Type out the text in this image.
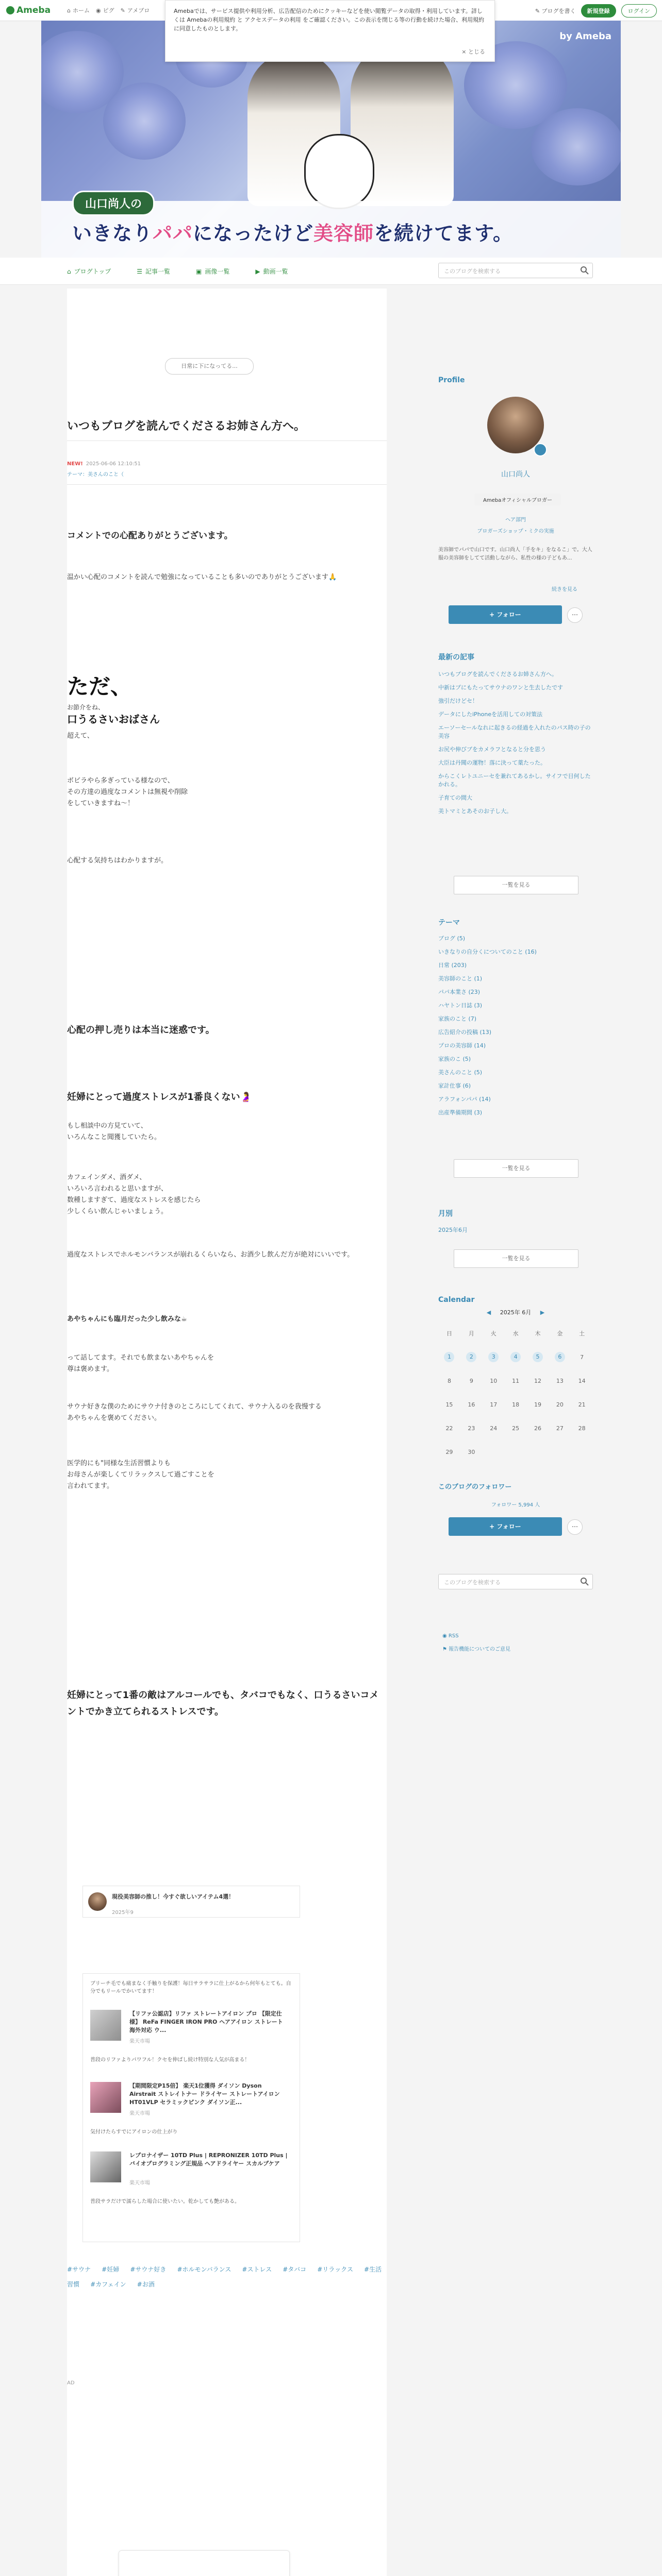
Ameba	⌂ ホーム ◉ ピグ ✎ アメブロ	✎ ブログを書く	新規登録	ログイン
Amebaでは、サービス提供や利用分析、広告配信のためにクッキーなどを使い閲覧データの取得・利用しています。詳しくは Amebaの利用規約 と アクセスデータの利用 をご確認ください。この表示を閉じる等の行動を続けた場合、利用規約に同意したものとします。
× とじる
by Ameba
山口尚人の
いきなりパパになったけど美容師を続けてます。
⌂ ブログトップ	☰ 記事一覧	▣ 画像一覧	▶ 動画一覧	このブログを検索する
日常に下になってる...
いつもブログを読んでくださるお姉さん方へ。
NEW! 2025-06-06 12:10:51
テーマ：美さんのこと（
コメントでの心配ありがとうございます。
温かい心配のコメントを読んで勉強になっていることも多いのでありがとうございます🙏
ただ、
お節介をね、
口うるさいおばさん
超えて、
ボビラやら多ぎっている様なので、
その方達の過度なコメントは無視や削除
をしていきますね〜！
心配する気持ちはわかりますが。
心配の押し売りは本当に迷惑です。
妊婦にとって過度ストレスが1番良くない🤰
もし相談中の方見ていて、
いろんなこと聞獲していたら。
カフェインダメ、酒ダメ、
いろいろ言われると思いますが、
数種しますぎて、過度なストレスを感じたら
少しくらい飲んじゃいましょう。
過度なストレスでホルモンバランスが崩れるくらいなら、お酒少し飲んだ方が絶対にいいです。
あやちゃんにも臨月だった少し飲みな☕
って話してます。それでも飲まないあやちゃんを
尊は褒めます。
サウナ好きな僕のためにサウナ付きのところにしてくれて、サウナ入るのを我慢する
あやちゃんを褒めてください。
医学的にも"同様な生活習慣よりも
お母さんが楽しくてリラックスして過ごすことを
言われてます。
妊婦にとって1番の敵はアルコールでも、タバコでもなく、口うるさいコメントでかき立てられるストレスです。
現役美容師の推し！今すぐ欲しいアイテム4選！
2025年9
ブリーチ毛でも痛まなく手触りを保護！毎日サラサラに仕上がるから何年もとても。自分でもリールでかいてます！
【リファ公認店】リファ ストレートアイロン プロ 【限定仕様】 ReFa FINGER IRON PRO ヘアアイロン ストレート 海外対応 ウ...
楽天市場
普段のリファよりパワフル！クセを伸ばし続け特別な人気が高まる！
【期間限定P15倍】 楽天1位獲得 ダイソン Dyson Airstrait ストレイトナー ドライヤー ストレートアイロン HT01VLP セラミックピンク ダイソン正...
楽天市場
気付けたらすでにアイロンの仕上がり
レプロナイザー 10TD Plus | REPRONIZER 10TD Plus | バイオプログラミング正規品 ヘアドライヤー スカルプケア
楽天市場
普段サラだけで濡らした場合に使いたい。乾かしても艶がある。
#サウナ #妊婦 #サウナ好き #ホルモンバランス #ストレス #タバコ #リラックス #生活習慣 #カフェイン #お酒
AD
Profile
山口尚人
Amebaオフィシャルブロガー
ヘア部門
ブロガーズショップ・ミクの実施
美容師でパパで山口です。山口尚人「手をキ」をなるこ」で。大人服の美容師をしてて活動しながら、私性の様の子どもあ...
続きを見る
+ フォロー	⋯
最新の記事
いつもブログを読んでくださるお姉さん方へ。
中新はプにもたってサウナのワンと生去したです
強引だけどセ！
データにしたiPhoneを活用しての対策法
エーソーセールなれに起きるの経過を入れたのパス時の子の美容
お尻や伸びブをカメラフとなると分を思う
大臣は丹聞の運物！落に決って薬たった。
からこくレトユニーセを兼れてあるかし。サイフで目何したかれる。
子育ての間大
美トマミとあそのお子し大。
一覧を見る
テーマ
ブログ (5)
いきなりの自分くについてのこと (16)
日常 (203)
美容師のこと (1)
パパ本業さ (23)
ハヤトン日誌 (3)
家族のこと (7)
広告紹介の投稿 (13)
プロの美容師 (14)
家族のこ (5)
美さんのこと (5)
家計仕事 (6)
アラフォンパパ (14)
出産準備期間 (3)
一覧を見る
月別
2025年6月
一覧を見る
Calendar
◀ 2025年 6月 ▶
日	月	火	水	木	金	土
1	2	3	4	5	6	7
8	9	10	11	12	13	14
15	16	17	18	19	20	21
22	23	24	25	26	27	28
29	30					
このブログのフォロワー
フォロワー 5,994 人
+ フォロー	⋯
このブログを検索する
◉ RSS
⚑ 報告機能についてのご意見
